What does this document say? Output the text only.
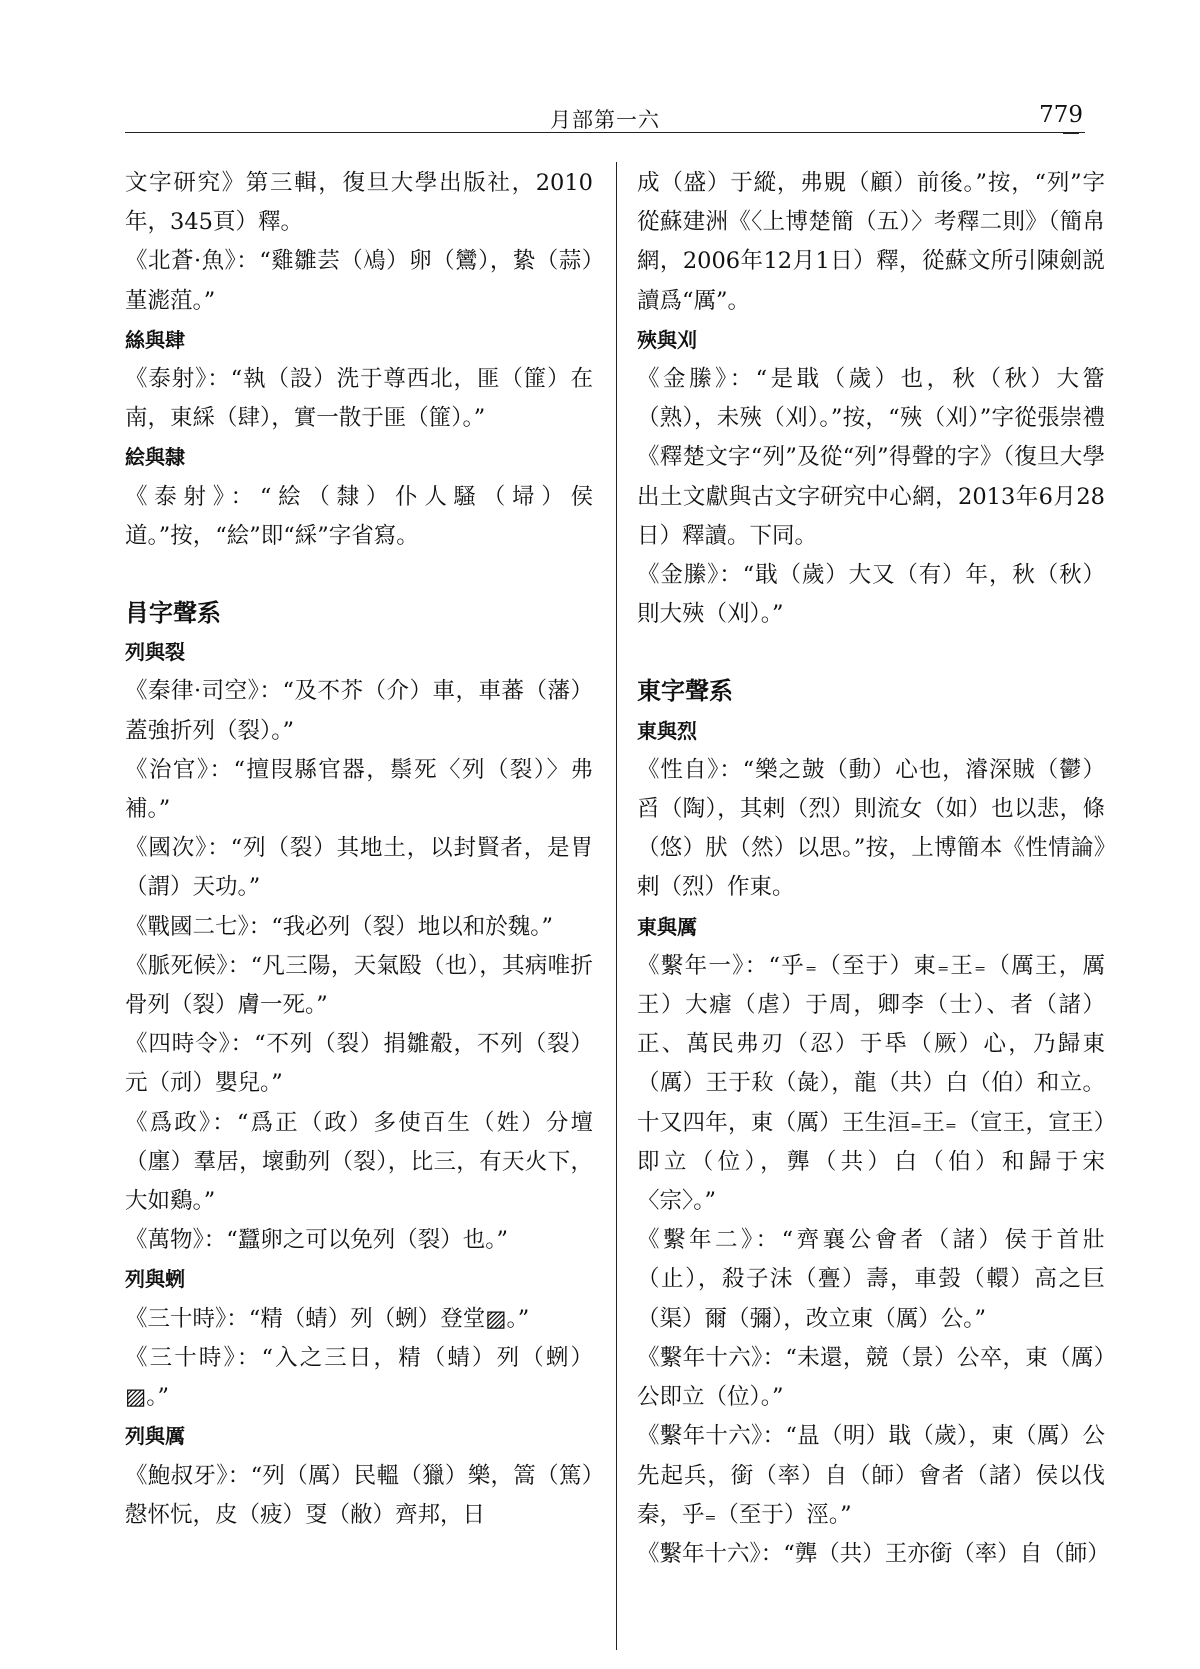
月部第一六	779
文字研究》第三輯，復旦大學出版社，2010年，345頁）釋。
《北蒼·魚》：“雞雛芸（鳰）卵（鸞），絷（蒜）堇滮菹。”
絲與肆
《泰射》：“執（設）洗于尊西北，匪（篚）在南，東綵（肆），實一散于匪（篚）。”
絵與隸
《泰射》：“絵（隸）仆人騷（埽）侯道。”按，“絵”即“綵”字省寫。
肙字聲系
列與裂
《秦律·司空》：“及不芥（介）車，車蕃（藩）蓋強折列（裂）。”
《治官》：“擅叚縣官器，鬃死〈列（裂）〉弗補。”
《國次》：“列（裂）其地土，以封賢者，是胃（謂）天功。”
《戰國二七》：“我必列（裂）地以和於魏。”
《脈死候》：“凡三陽，天氣殹（也），其病唯折骨列（裂）膚一死。”
《四時令》：“不列（裂）捐雛觳，不列（裂）元（刓）嬰兒。”
《爲政》：“爲正（政）多使百生（姓）分壇（廛）羣居，壞動列（裂），比三，有天火下，大如鷄。”
《萬物》：“蠶卵之可以免列（裂）也。”
列與蛚
《三十時》：“精（蜻）列（蛚）登堂▨。”
《三十時》：“入之三日，精（蜻）列（蛚）▨。”
列與厲
《鮑叔牙》：“列（厲）民轀（獵）樂，篙（篤）𢡱怀忨，皮（疲）㪅（敝）齊邦，日
成（盛）于縱，弗覞（顧）前後。”按，“列”字從蘇建洲《〈上博楚簡（五）〉考釋二則》（簡帛網，2006年12月1日）釋，從蘇文所引陳劍説讀爲“厲”。
殎與刈
《金縢》：“是戢（歲）也，秋（秋）大簹（熟），未殎（刈）。”按，“殎（刈）”字從張崇禮《釋楚文字“列”及從“列”得聲的字》（復旦大學出土文獻與古文字研究中心網，2013年6月28日）釋讀。下同。
《金縢》：“戢（歲）大又（有）年，秋（秋）則大殎（刈）。”
東字聲系
東與烈
《性自》：“樂之皷（動）心也，濬深賊（鬱）舀（陶），其剌（烈）則流女（如）也以悲，條（悠）肰（然）以思。”按，上博簡本《性情論》剌（烈）作東。
東與厲
《繫年一》：“乎₌（至于）東₌王₌（厲王，厲王）大瘧（虐）于周，卿李（士）、者（諸）正、萬民弗刃（忍）于氒（厥）心，乃歸東（厲）王于𢼡（彘），龍（共）白（伯）和立。十又四年，東（厲）王生洹₌王₌（宣王，宣王）即立（位），龏（共）白（伯）和歸于宋〈宗〉。”
《繫年二》：“齊襄公會者（諸）侯于首壯（止），殺子沬（亹）壽，車㲄（轘）高之巨（渠）爾（彌），改立東（厲）公。”
《繫年十六》：“未還，競（景）公卒，東（厲）公即立（位）。”
《繫年十六》：“昷（明）戢（歲），東（厲）公先起兵，銜（率）自（師）會者（諸）侯以伐秦，乎₌（至于）涇。”
《繫年十六》：“龏（共）王亦銜（率）自（師）
